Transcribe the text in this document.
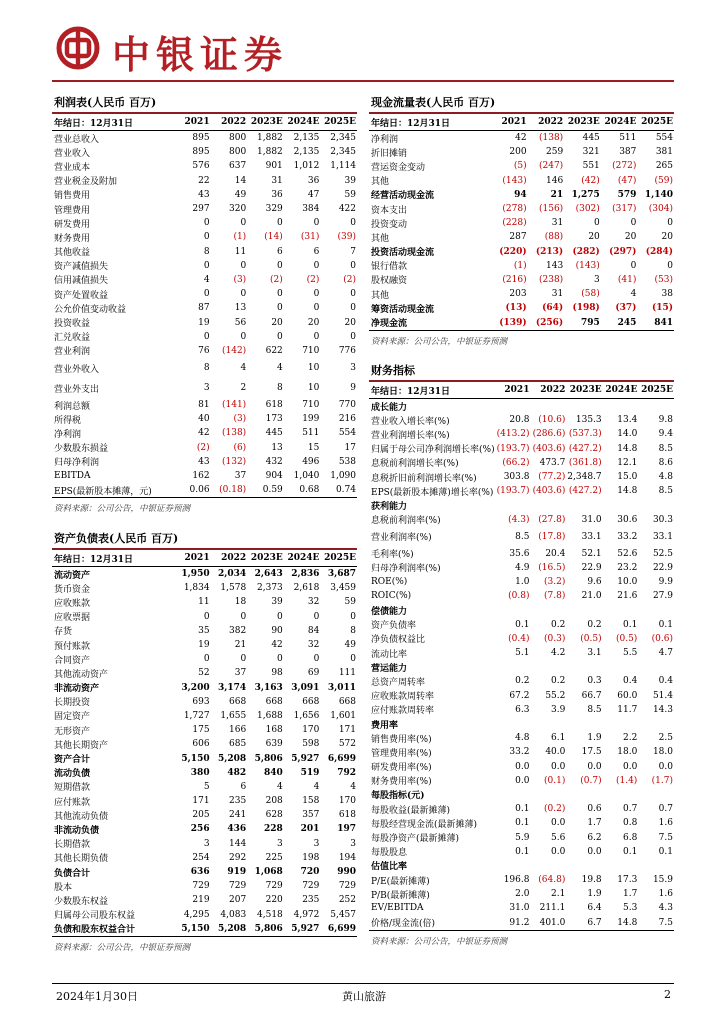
中银证券
利润表(人民币 百万)
年结日：12月31日	2021	2022	2023E	2024E	2025E
营业总收入	895	800	1,882	2,135	2,345
营业收入	895	800	1,882	2,135	2,345
营业成本	576	637	901	1,012	1,114
营业税金及附加	22	14	31	36	39
销售费用	43	49	36	47	59
管理费用	297	320	329	384	422
研发费用	0	0	0	0	0
财务费用	0	(1)	(14)	(31)	(39)
其他收益	8	11	6	6	7
资产减值损失	0	0	0	0	0
信用减值损失	4	(3)	(2)	(2)	(2)
资产处置收益	0	0	0	0	0
公允价值变动收益	87	13	0	0	0
投资收益	19	56	20	20	20
汇兑收益	0	0	0	0	0
营业利润	76	(142)	622	710	776
营业外收入	8	4	4	10	3
营业外支出	3	2	8	10	9
利润总额	81	(141)	618	710	770
所得税	40	(3)	173	199	216
净利润	42	(138)	445	511	554
少数股东损益	(2)	(6)	13	15	17
归母净利润	43	(132)	432	496	538
EBITDA	162	37	904	1,040	1,090
EPS(最新股本摊薄，元)	0.06	(0.18)	0.59	0.68	0.74
资料来源：公司公告，中银证券预测
资产负债表(人民币 百万)
年结日：12月31日	2021	2022	2023E	2024E	2025E
流动资产	1,950	2,034	2,643	2,836	3,687
货币资金	1,834	1,578	2,373	2,618	3,459
应收账款	11	18	39	32	59
应收票据	0	0	0	0	0
存货	35	382	90	84	8
预付账款	19	21	42	32	49
合同资产	0	0	0	0	0
其他流动资产	52	37	98	69	111
非流动资产	3,200	3,174	3,163	3,091	3,011
长期投资	693	668	668	668	668
固定资产	1,727	1,655	1,688	1,656	1,601
无形资产	175	166	168	170	171
其他长期资产	606	685	639	598	572
资产合计	5,150	5,208	5,806	5,927	6,699
流动负债	380	482	840	519	792
短期借款	5	6	4	4	4
应付账款	171	235	208	158	170
其他流动负债	205	241	628	357	618
非流动负债	256	436	228	201	197
长期借款	3	144	3	3	3
其他长期负债	254	292	225	198	194
负债合计	636	919	1,068	720	990
股本	729	729	729	729	729
少数股东权益	219	207	220	235	252
归属母公司股东权益	4,295	4,083	4,518	4,972	5,457
负债和股东权益合计	5,150	5,208	5,806	5,927	6,699
资料来源：公司公告，中银证券预测
现金流量表(人民币 百万)
年结日：12月31日	2021	2022	2023E	2024E	2025E
净利润	42	(138)	445	511	554
折旧摊销	200	259	321	387	381
营运资金变动	(5)	(247)	551	(272)	265
其他	(143)	146	(42)	(47)	(59)
经营活动现金流	94	21	1,275	579	1,140
资本支出	(278)	(156)	(302)	(317)	(304)
投资变动	(228)	31	0	0	0
其他	287	(88)	20	20	20
投资活动现金流	(220)	(213)	(282)	(297)	(284)
银行借款	(1)	143	(143)	0	0
股权融资	(216)	(238)	3	(41)	(53)
其他	203	31	(58)	4	38
筹资活动现金流	(13)	(64)	(198)	(37)	(15)
净现金流	(139)	(256)	795	245	841
资料来源：公司公告，中银证券预测
财务指标
年结日：12月31日	2021	2022	2023E	2024E	2025E
成长能力					
营业收入增长率(%)	20.8	(10.6)	135.3	13.4	9.8
营业利润增长率(%)	(413.2)	(286.6)	(537.3)	14.0	9.4
归属于母公司净利润增长率(%)	(193.7)	(403.6)	(427.2)	14.8	8.5
息税前利润增长率(%)	(66.2)	473.7	(361.8)	12.1	8.6
息税折旧前利润增长率(%)	303.8	(77.2)	2,348.7	15.0	4.8
EPS(最新股本摊薄)增长率(%)	(193.7)	(403.6)	(427.2)	14.8	8.5
获利能力					
息税前利润率(%)	(4.3)	(27.8)	31.0	30.6	30.3
营业利润率(%)	8.5	(17.8)	33.1	33.2	33.1
毛利率(%)	35.6	20.4	52.1	52.6	52.5
归母净利润率(%)	4.9	(16.5)	22.9	23.2	22.9
ROE(%)	1.0	(3.2)	9.6	10.0	9.9
ROIC(%)	(0.8)	(7.8)	21.0	21.6	27.9
偿债能力					
资产负债率	0.1	0.2	0.2	0.1	0.1
净负债权益比	(0.4)	(0.3)	(0.5)	(0.5)	(0.6)
流动比率	5.1	4.2	3.1	5.5	4.7
营运能力					
总资产周转率	0.2	0.2	0.3	0.4	0.4
应收账款周转率	67.2	55.2	66.7	60.0	51.4
应付账款周转率	6.3	3.9	8.5	11.7	14.3
费用率					
销售费用率(%)	4.8	6.1	1.9	2.2	2.5
管理费用率(%)	33.2	40.0	17.5	18.0	18.0
研发费用率(%)	0.0	0.0	0.0	0.0	0.0
财务费用率(%)	0.0	(0.1)	(0.7)	(1.4)	(1.7)
每股指标(元)					
每股收益(最新摊薄)	0.1	(0.2)	0.6	0.7	0.7
每股经营现金流(最新摊薄)	0.1	0.0	1.7	0.8	1.6
每股净资产(最新摊薄)	5.9	5.6	6.2	6.8	7.5
每股股息	0.1	0.0	0.0	0.1	0.1
估值比率					
P/E(最新摊薄)	196.8	(64.8)	19.8	17.3	15.9
P/B(最新摊薄)	2.0	2.1	1.9	1.7	1.6
EV/EBITDA	31.0	211.1	6.4	5.3	4.3
价格/现金流(倍)	91.2	401.0	6.7	14.8	7.5
资料来源：公司公告，中银证券预测
2024年1月30日	黄山旅游	2
